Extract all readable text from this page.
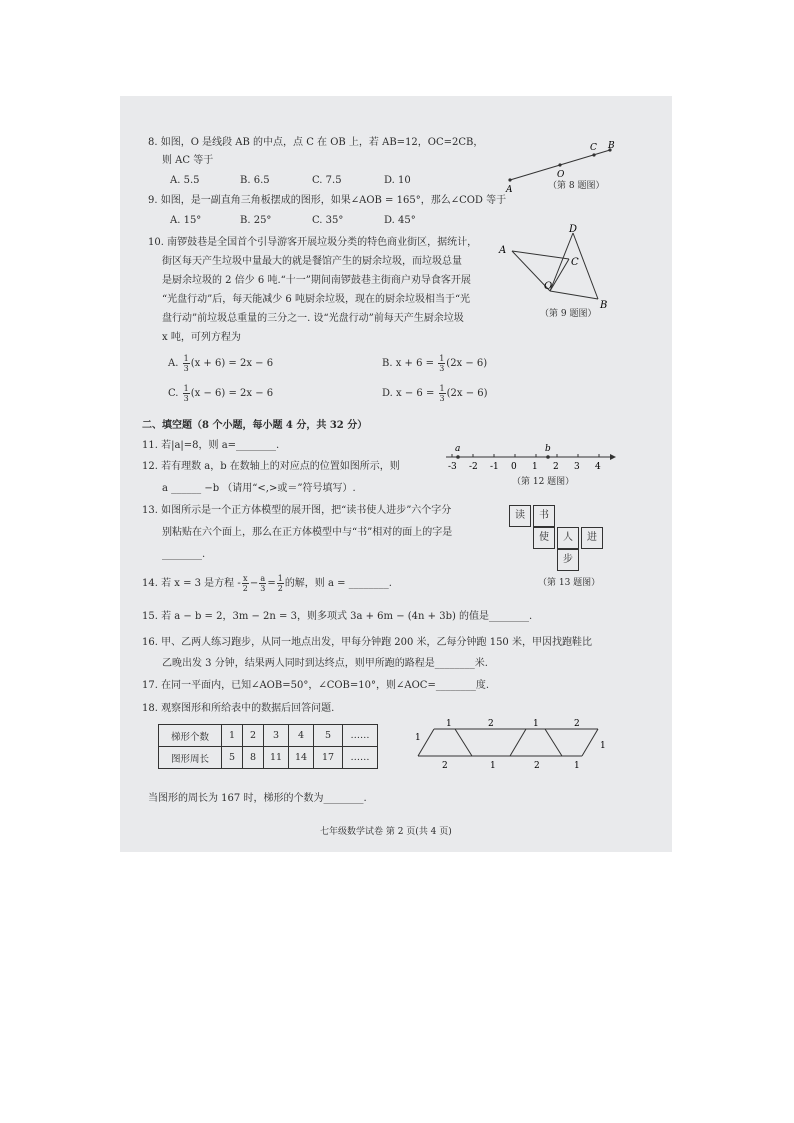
8. 如图，O 是线段 AB 的中点，点 C 在 OB 上，若 AB=12，OC=2CB，
则 AC 等于
A. 5.5	B. 6.5	C. 7.5	D. 10
A
O
C B
（第 8 题图）
9. 如图，是一副直角三角板摆成的图形，如果∠AOB = 165°，那么∠COD 等于
A. 15°	B. 25°	C. 35°	D. 45°
A
D
C
O
B
（第 9 题图）
10. 南锣鼓巷是全国首个引导游客开展垃圾分类的特色商业街区，据统计，
街区每天产生垃圾中量最大的就是餐馆产生的厨余垃圾，而垃圾总量
是厨余垃圾的 2 倍少 6 吨.“十一”期间南锣鼓巷主街商户劝导食客开展
“光盘行动”后，每天能减少 6 吨厨余垃圾，现在的厨余垃圾相当于“光
盘行动”前垃圾总重量的三分之一. 设“光盘行动”前每天产生厨余垃圾
x 吨，可列方程为
A. $\frac{1}{3} (x + 6) = 2x - 6$	B. $x + 6 = \frac{1}{3} (2x - 6)$
C. $\frac{1}{3} (x - 6) = 2x - 6$	D. $x - 6 = \frac{1}{3} (2x - 6)$
二、填空题（8 个小题，每小题 4 分，共 32 分）
11. 若|a|=8，则 a=________.
12. 若有理数 a，b 在数轴上的对应点的位置如图所示，则
a ______ −b （请用“<,>或＝”符号填写）.
-3 -2 -1 0 1 2 3 4
a	b
（第 12 题图）
13. 如图所示是一个正方体模型的展开图，把“读书使人进步”六个字分
别粘贴在六个面上，那么在正方体模型中与“书”相对的面上的字是
________.
读	书
使	人	进
步
（第 13 题图）
14. 若 x = 3 是方程 - $\frac{x}{2} - \frac{a}{3} = \frac{1}{2}$ 的解，则 a = ________.
15. 若 a − b = 2，3m − 2n = 3，则多项式 3a + 6m − (4n + 3b) 的值是________.
16. 甲、乙两人练习跑步，从同一地点出发，甲每分钟跑 200 米，乙每分钟跑 150 米，甲因找跑鞋比
乙晚出发 3 分钟，结果两人同时到达终点，则甲所跑的路程是________米.
17. 在同一平面内，已知∠AOB=50°，∠COB=10°，则∠AOC=________度.
18. 观察图形和所给表中的数据后回答问题.
梯形个数	1	2	3	4	5	……
图形周长	5	8	11	14	17	……
1	2	1	2
2	1	2	1
1
1
当图形的周长为 167 时，梯形的个数为________.
七年级数学试卷 第 2 页(共 4 页)
